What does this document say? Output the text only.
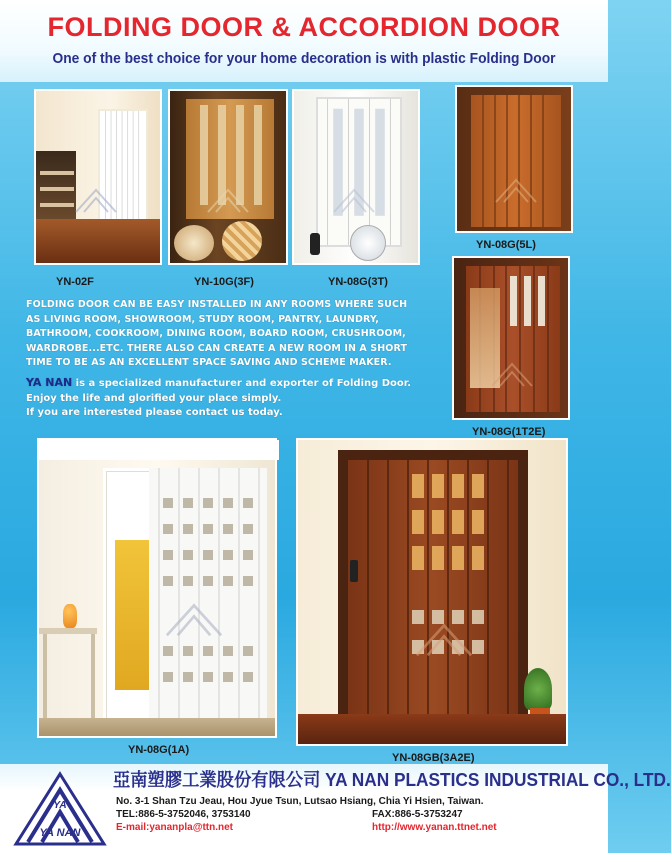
FOLDING DOOR & ACCORDION DOOR
One of the best choice for your home decoration is with plastic Folding Door
YN-02F	YN-10G(3F)	YN-08G(3T)
YN-08G(5L)
YN-08G(1T2E)
FOLDING DOOR CAN BE EASY INSTALLED IN ANY ROOMS WHERE SUCH
AS LIVING ROOM, SHOWROOM, STUDY ROOM, PANTRY, LAUNDRY,
BATHROOM, COOKROOM, DINING ROOM, BOARD ROOM, CRUSHROOM,
WARDROBE...ETC. THERE ALSO CAN CREATE A NEW ROOM IN A SHORT
TIME TO BE AS AN EXCELLENT SPACE SAVING AND SCHEME MAKER.
YA NAN is a specialized manufacturer and exporter of Folding Door.
Enjoy the life and glorified your place simply.
If you are interested please contact us today.
YN-08G(1A)
YN-08GB(3A2E)
YA
YA NAN
亞南塑膠工業股份有限公司 YA NAN PLASTICS INDUSTRIAL CO., LTD.
No. 3-1 Shan Tzu Jeau, Hou Jyue Tsun, Lutsao Hsiang, Chia Yi Hsien, Taiwan.
TEL:886-5-3752046, 3753140	FAX:886-5-3753247
E-mail:yananpla@ttn.net	http://www.yanan.ttnet.net
